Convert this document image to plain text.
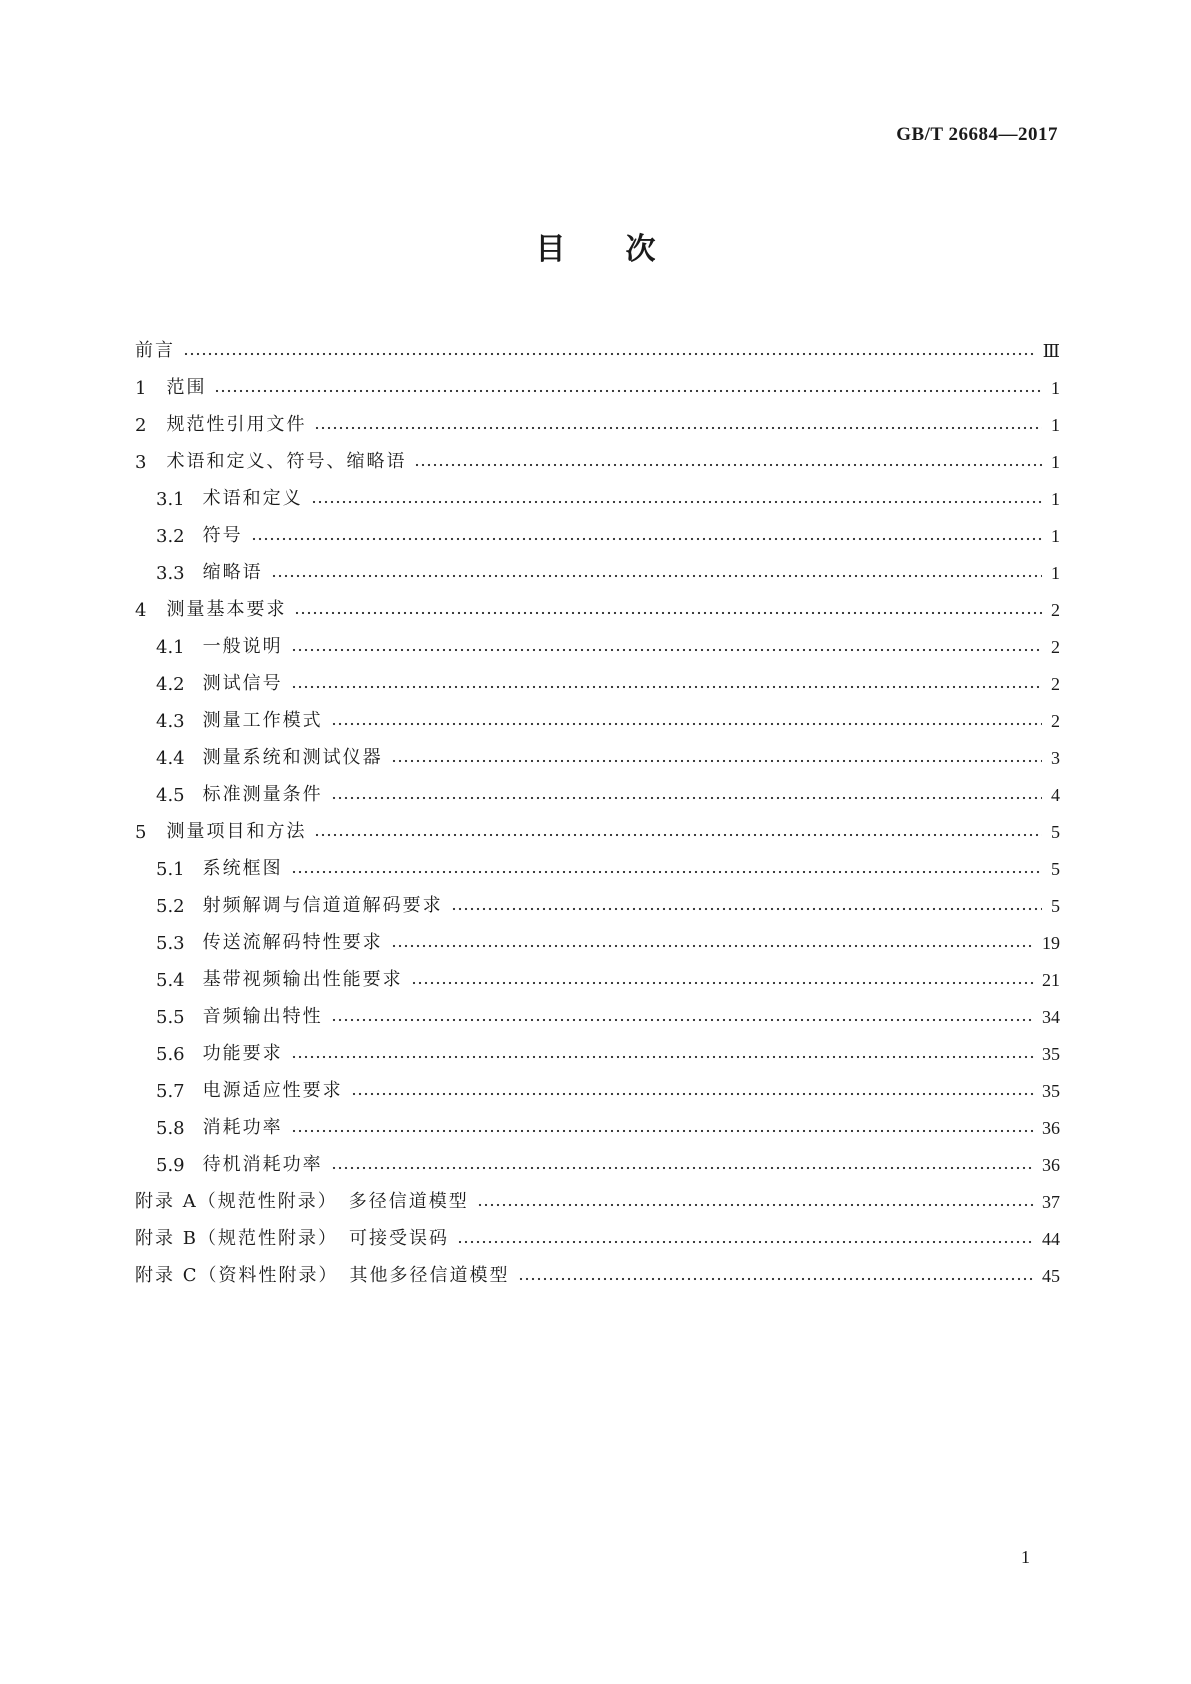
GB/T 26684—2017
目次
前言	Ⅲ
1 范围	1
2 规范性引用文件	1
3 术语和定义、符号、缩略语	1
3.1 术语和定义	1
3.2 符号	1
3.3 缩略语	1
4 测量基本要求	2
4.1 一般说明	2
4.2 测试信号	2
4.3 测量工作模式	2
4.4 测量系统和测试仪器	3
4.5 标准测量条件	4
5 测量项目和方法	5
5.1 系统框图	5
5.2 射频解调与信道道解码要求	5
5.3 传送流解码特性要求	19
5.4 基带视频输出性能要求	21
5.5 音频输出特性	34
5.6 功能要求	35
5.7 电源适应性要求	35
5.8 消耗功率	36
5.9 待机消耗功率	36
附录 A（规范性附录）　多径信道模型	37
附录 B（规范性附录）　可接受误码	44
附录 C（资料性附录）　其他多径信道模型	45
1
